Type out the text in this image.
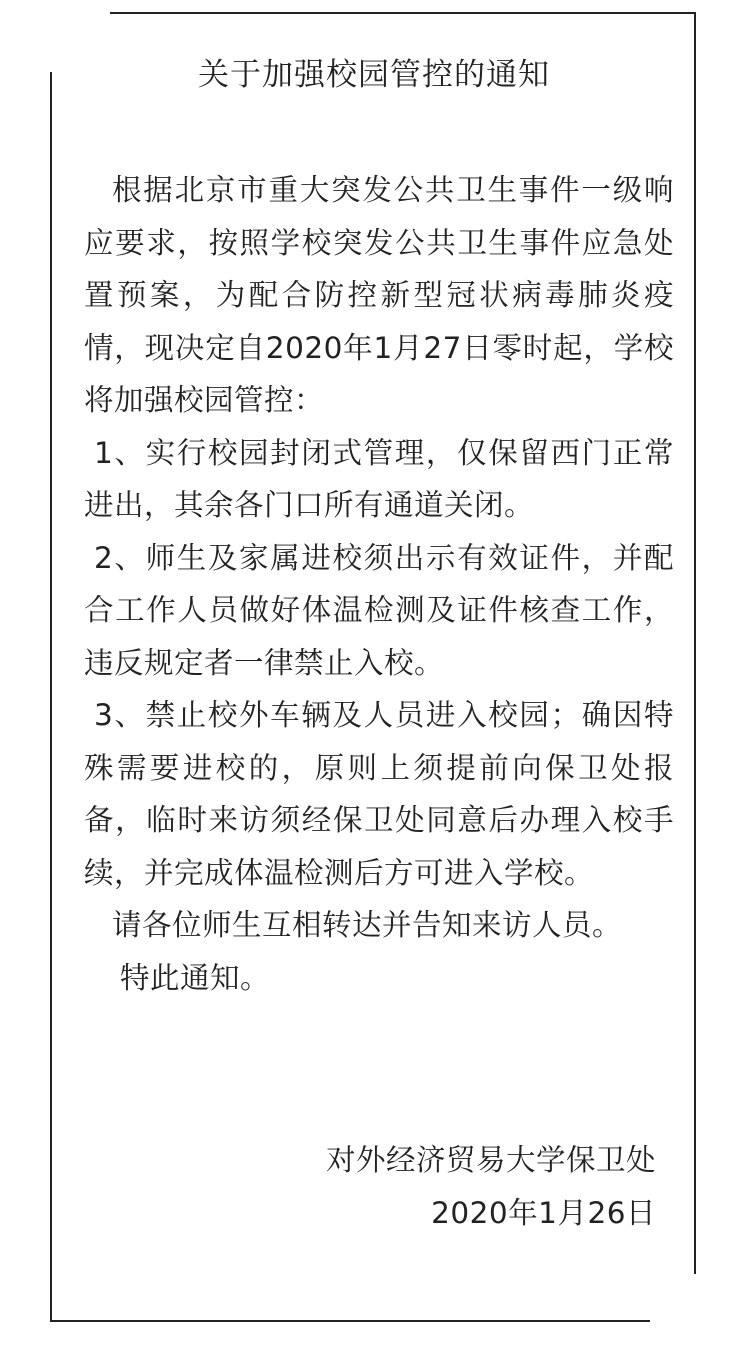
关于加强校园管控的通知

根据北京市重大突发公共卫生事件一级响应要求，按照学校突发公共卫生事件应急处置预案，为配合防控新型冠状病毒肺炎疫情，现决定自2020年1月27日零时起，学校将加强校园管控：

1、实行校园封闭式管理，仅保留西门正常进出，其余各门口所有通道关闭。

2、师生及家属进校须出示有效证件，并配合工作人员做好体温检测及证件核查工作，违反规定者一律禁止入校。

3、禁止校外车辆及人员进入校园；确因特殊需要进校的，原则上须提前向保卫处报备，临时来访须经保卫处同意后办理入校手续，并完成体温检测后方可进入学校。

请各位师生互相转达并告知来访人员。

特此通知。

对外经济贸易大学保卫处
2020年1月26日
